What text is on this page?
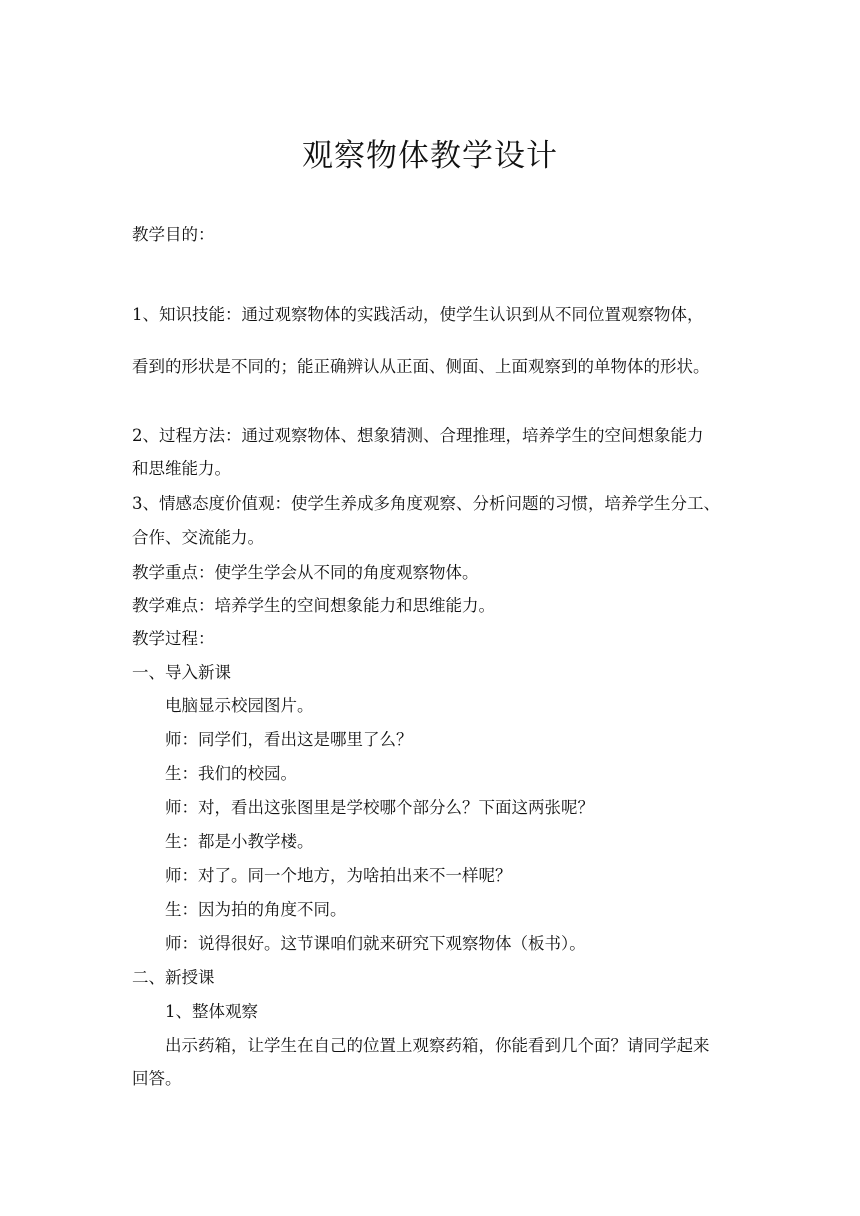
观察物体教学设计

教学目的：

1、知识技能：通过观察物体的实践活动，使学生认识到从不同位置观察物体，

看到的形状是不同的；能正确辨认从正面、侧面、上面观察到的单物体的形状。

2、过程方法：通过观察物体、想象猜测、合理推理，培养学生的空间想象能力

和思维能力。

3、情感态度价值观：使学生养成多角度观察、分析问题的习惯，培养学生分工、

合作、交流能力。

教学重点：使学生学会从不同的角度观察物体。

教学难点：培养学生的空间想象能力和思维能力。

教学过程：

一、导入新课

电脑显示校园图片。

师：同学们，看出这是哪里了么？

生：我们的校园。

师：对，看出这张图里是学校哪个部分么？下面这两张呢？

生：都是小教学楼。

师：对了。同一个地方，为啥拍出来不一样呢？

生：因为拍的角度不同。

师：说得很好。这节课咱们就来研究下观察物体（板书）。

二、新授课

1、整体观察

出示药箱，让学生在自己的位置上观察药箱，你能看到几个面？请同学起来

回答。
